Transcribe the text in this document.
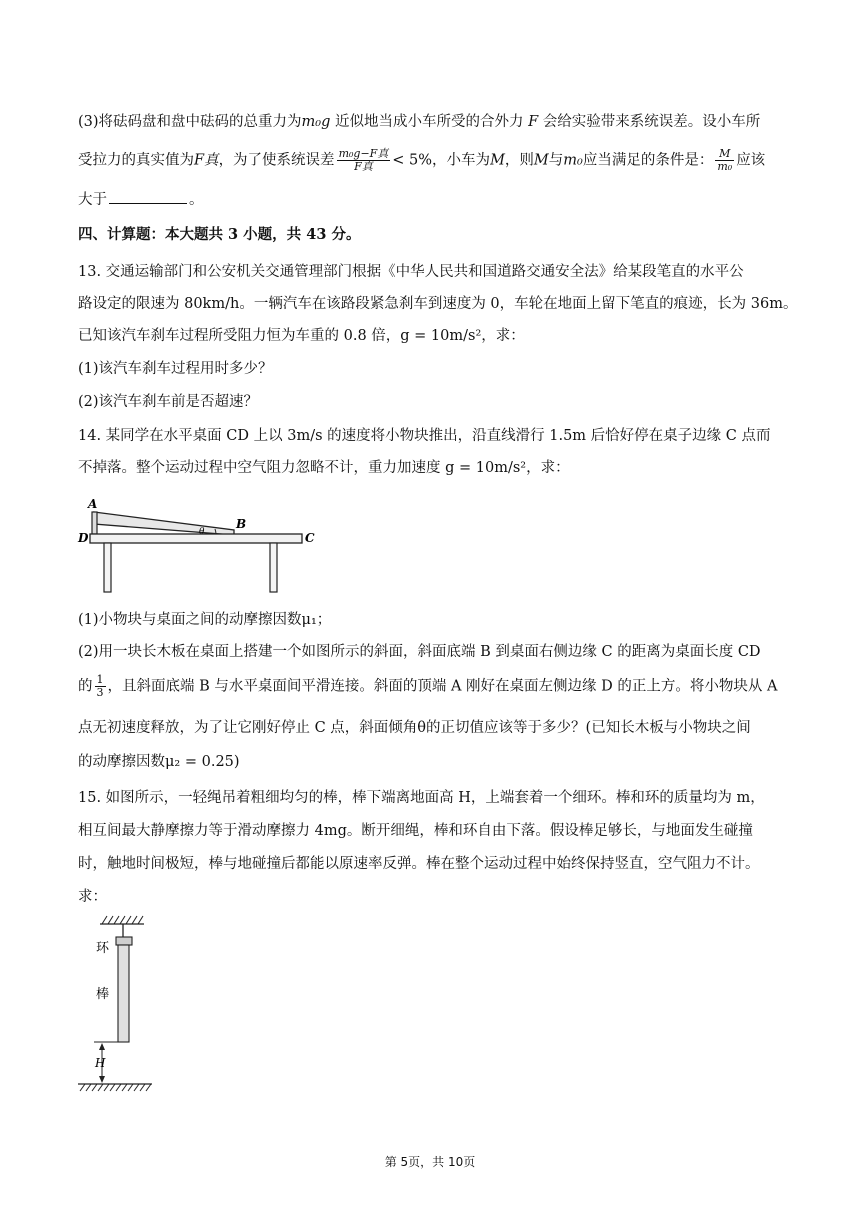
(3)将砝码盘和盘中砝码的总重力为m₀g 近似地当成小车所受的合外力 F 会给实验带来系统误差。设小车所
受拉力的真实值为F真，为了使系统误差 $\frac{\text{m₀g−F真}}{\text{F真}} < 5\%$，小车为M，则M与m₀应当满足的条件是： $\frac{M}{\text{m₀}}$ 应该
大于	。
四、计算题：本大题共 3 小题，共 43 分。
13. 交通运输部门和公安机关交通管理部门根据《中华人民共和国道路交通安全法》给某段笔直的水平公
路设定的限速为 80km/h。一辆汽车在该路段紧急刹车到速度为 0，车轮在地面上留下笔直的痕迹，长为 36m。
已知该汽车刹车过程所受阻力恒为车重的 0.8 倍，g = 10m/s²，求：
(1)该汽车刹车过程用时多少？
(2)该汽车刹车前是否超速？
14. 某同学在水平桌面 CD 上以 3m/s 的速度将小物块推出，沿直线滑行 1.5m 后恰好停在桌子边缘 C 点而
不掉落。整个运动过程中空气阻力忽略不计，重力加速度 g = 10m/s²，求：
A
B
D	C
θ
(1)小物块与桌面之间的动摩擦因数μ₁；
(2)用一块长木板在桌面上搭建一个如图所示的斜面，斜面底端 B 到桌面右侧边缘 C 的距离为桌面长度 CD
的 $\frac{1}{3}$ ，且斜面底端 B 与水平桌面间平滑连接。斜面的顶端 A 刚好在桌面左侧边缘 D 的正上方。将小物块从 A
点无初速度释放，为了让它刚好停止 C 点，斜面倾角θ的正切值应该等于多少？(已知长木板与小物块之间
的动摩擦因数μ₂ = 0.25)
15. 如图所示，一轻绳吊着粗细均匀的棒，棒下端离地面高 H，上端套着一个细环。棒和环的质量均为 m，
相互间最大静摩擦力等于滑动摩擦力 4mg。断开细绳，棒和环自由下落。假设棒足够长，与地面发生碰撞
时，触地时间极短，棒与地碰撞后都能以原速率反弹。棒在整个运动过程中始终保持竖直，空气阻力不计。
求：
环
棒
H
第 5页，共 10页
